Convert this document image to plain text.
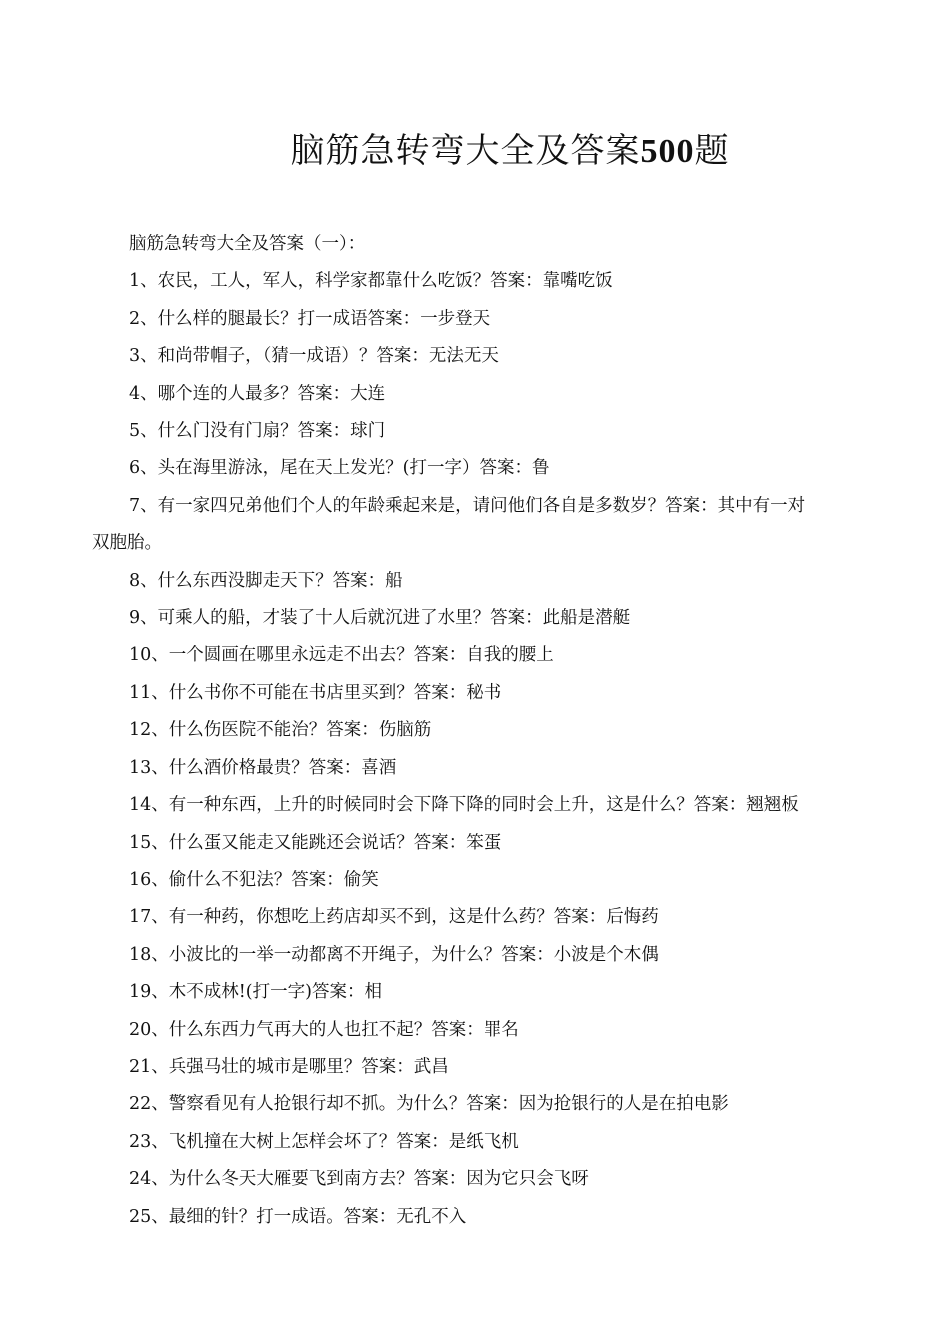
脑筋急转弯大全及答案500题
脑筋急转弯大全及答案（一）：
1、农民，工人，军人，科学家都靠什么吃饭？答案：靠嘴吃饭
2、什么样的腿最长？打一成语答案：一步登天
3、和尚带帽子，（猜一成语）？答案：无法无天
4、哪个连的人最多？答案：大连
5、什么门没有门扇？答案：球门
6、头在海里游泳，尾在天上发光？(打一字）答案：鲁
7、有一家四兄弟他们个人的年龄乘起来是，请问他们各自是多数岁？答案：其中有一对
双胞胎。
8、什么东西没脚走天下？答案：船
9、可乘人的船，才装了十人后就沉进了水里？答案：此船是潜艇
10、一个圆画在哪里永远走不出去？答案：自我的腰上
11、什么书你不可能在书店里买到？答案：秘书
12、什么伤医院不能治？答案：伤脑筋
13、什么酒价格最贵？答案：喜酒
14、有一种东西，上升的时候同时会下降下降的同时会上升，这是什么？答案：翘翘板
15、什么蛋又能走又能跳还会说话？答案：笨蛋
16、偷什么不犯法？答案：偷笑
17、有一种药，你想吃上药店却买不到，这是什么药？答案：后悔药
18、小波比的一举一动都离不开绳子，为什么？答案：小波是个木偶
19、木不成林!(打一字)答案：相
20、什么东西力气再大的人也扛不起？答案：罪名
21、兵强马壮的城市是哪里？答案：武昌
22、警察看见有人抢银行却不抓。为什么？答案：因为抢银行的人是在拍电影
23、飞机撞在大树上怎样会坏了？答案：是纸飞机
24、为什么冬天大雁要飞到南方去？答案：因为它只会飞呀
25、最细的针？打一成语。答案：无孔不入
